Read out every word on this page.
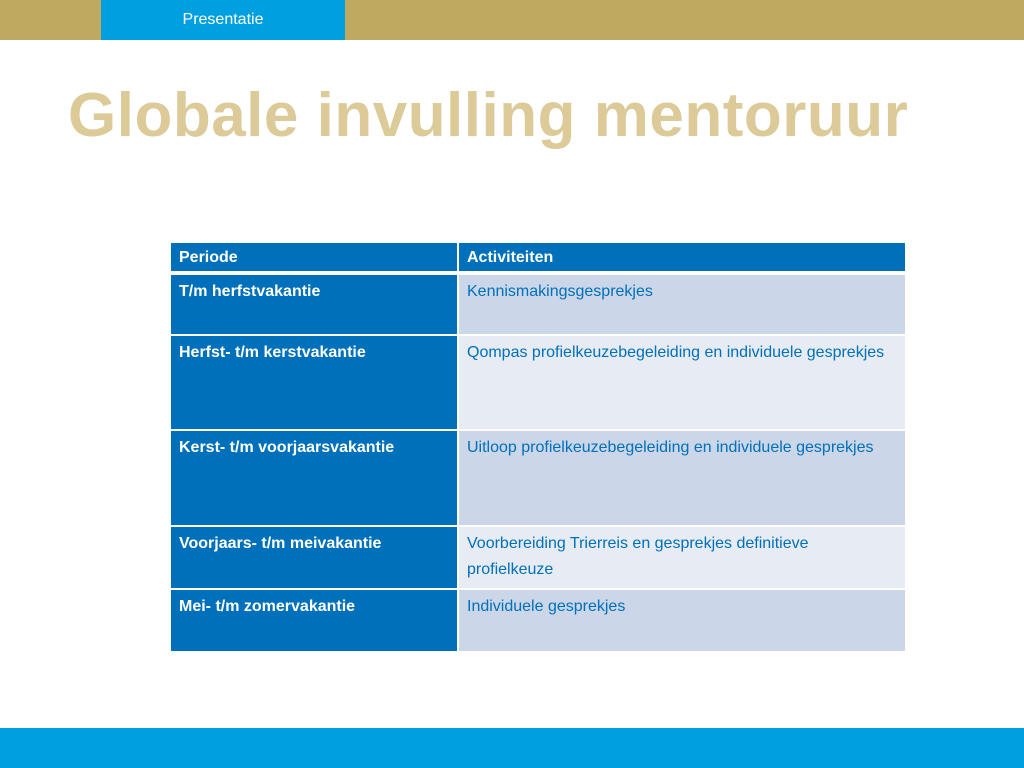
Presentatie
Globale invulling mentoruur
Periode	Activiteiten
T/m herfstvakantie	Kennismakingsgesprekjes
Herfst- t/m kerstvakantie	Qompas profielkeuzebegeleiding en individuele gesprekjes
Kerst- t/m voorjaarsvakantie	Uitloop profielkeuzebegeleiding en individuele gesprekjes
Voorjaars- t/m meivakantie	Voorbereiding Trierreis en gesprekjes definitieve profielkeuze
Mei- t/m zomervakantie	Individuele gesprekjes
